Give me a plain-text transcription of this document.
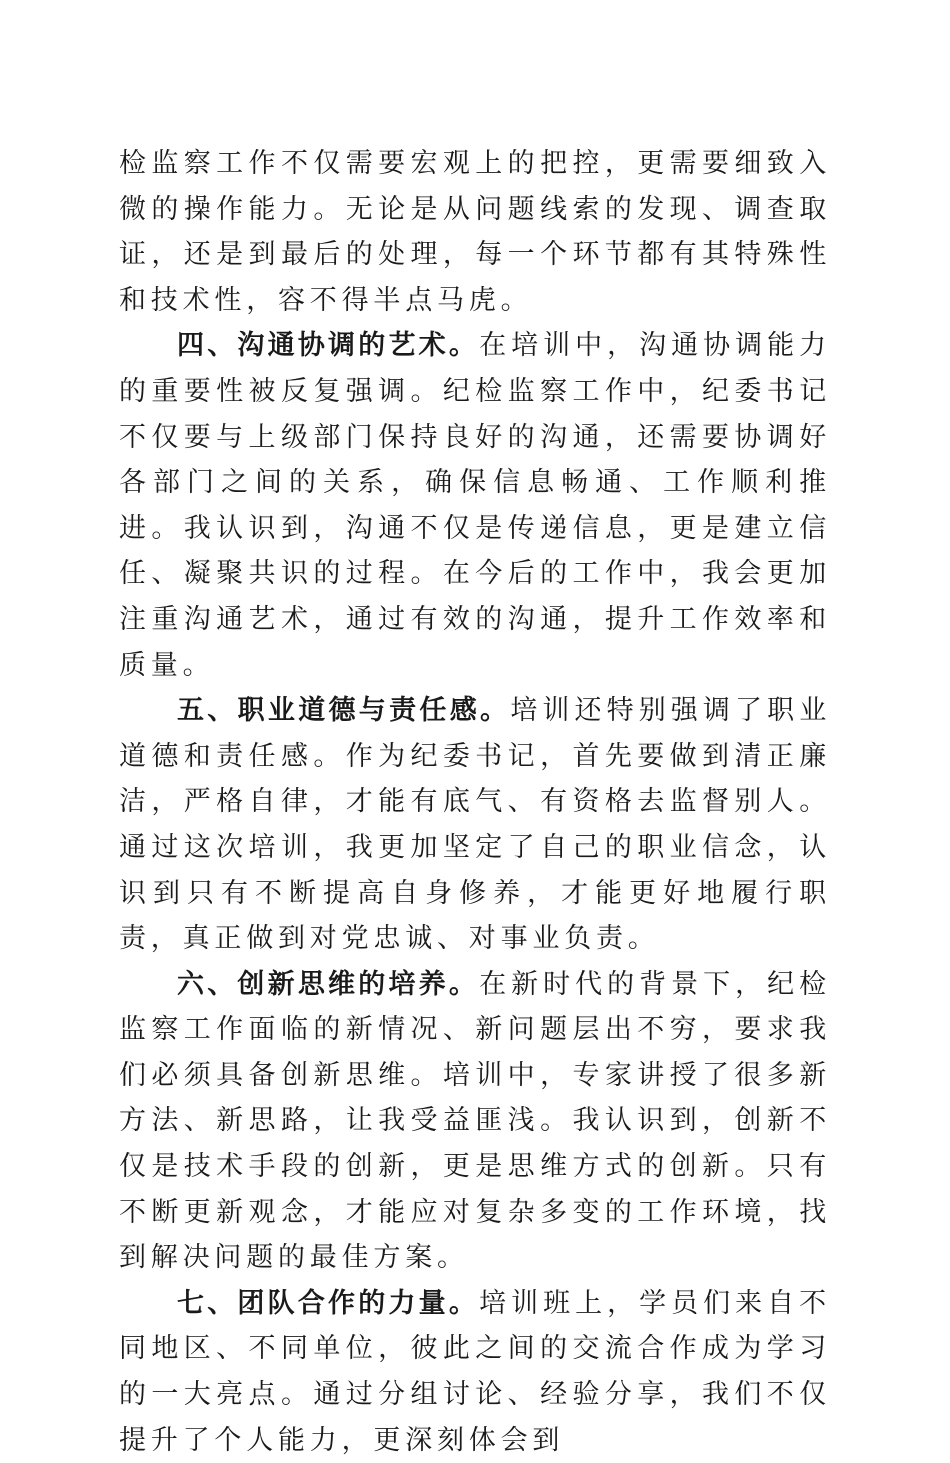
检监察工作不仅需要宏观上的把控，更需要细致入微的操作能力。无论是从问题线索的发现、调查取证，还是到最后的处理，每一个环节都有其特殊性和技术性，容不得半点马虎。

四、沟通协调的艺术。在培训中，沟通协调能力的重要性被反复强调。纪检监察工作中，纪委书记不仅要与上级部门保持良好的沟通，还需要协调好各部门之间的关系，确保信息畅通、工作顺利推进。我认识到，沟通不仅是传递信息，更是建立信任、凝聚共识的过程。在今后的工作中，我会更加注重沟通艺术，通过有效的沟通，提升工作效率和质量。

五、职业道德与责任感。培训还特别强调了职业道德和责任感。作为纪委书记，首先要做到清正廉洁，严格自律，才能有底气、有资格去监督别人。通过这次培训，我更加坚定了自己的职业信念，认识到只有不断提高自身修养，才能更好地履行职责，真正做到对党忠诚、对事业负责。

六、创新思维的培养。在新时代的背景下，纪检监察工作面临的新情况、新问题层出不穷，要求我们必须具备创新思维。培训中，专家讲授了很多新方法、新思路，让我受益匪浅。我认识到，创新不仅是技术手段的创新，更是思维方式的创新。只有不断更新观念，才能应对复杂多变的工作环境，找到解决问题的最佳方案。

七、团队合作的力量。培训班上，学员们来自不同地区、不同单位，彼此之间的交流合作成为学习的一大亮点。通过分组讨论、经验分享，我们不仅提升了个人能力，更深刻体会到
